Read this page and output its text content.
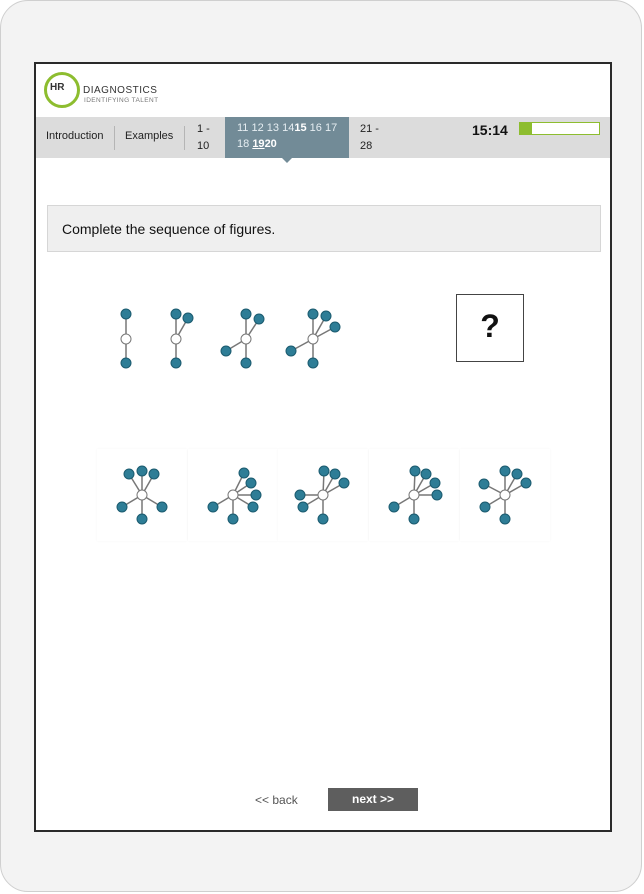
HR DIAGNOSTICS
IDENTIFYING TALENT
Introduction Examples
1 -
10
11 12 13 1415 16 17
18 1920
21 -
28
15:14
Complete the sequence of figures.
?
<< back	next >>
